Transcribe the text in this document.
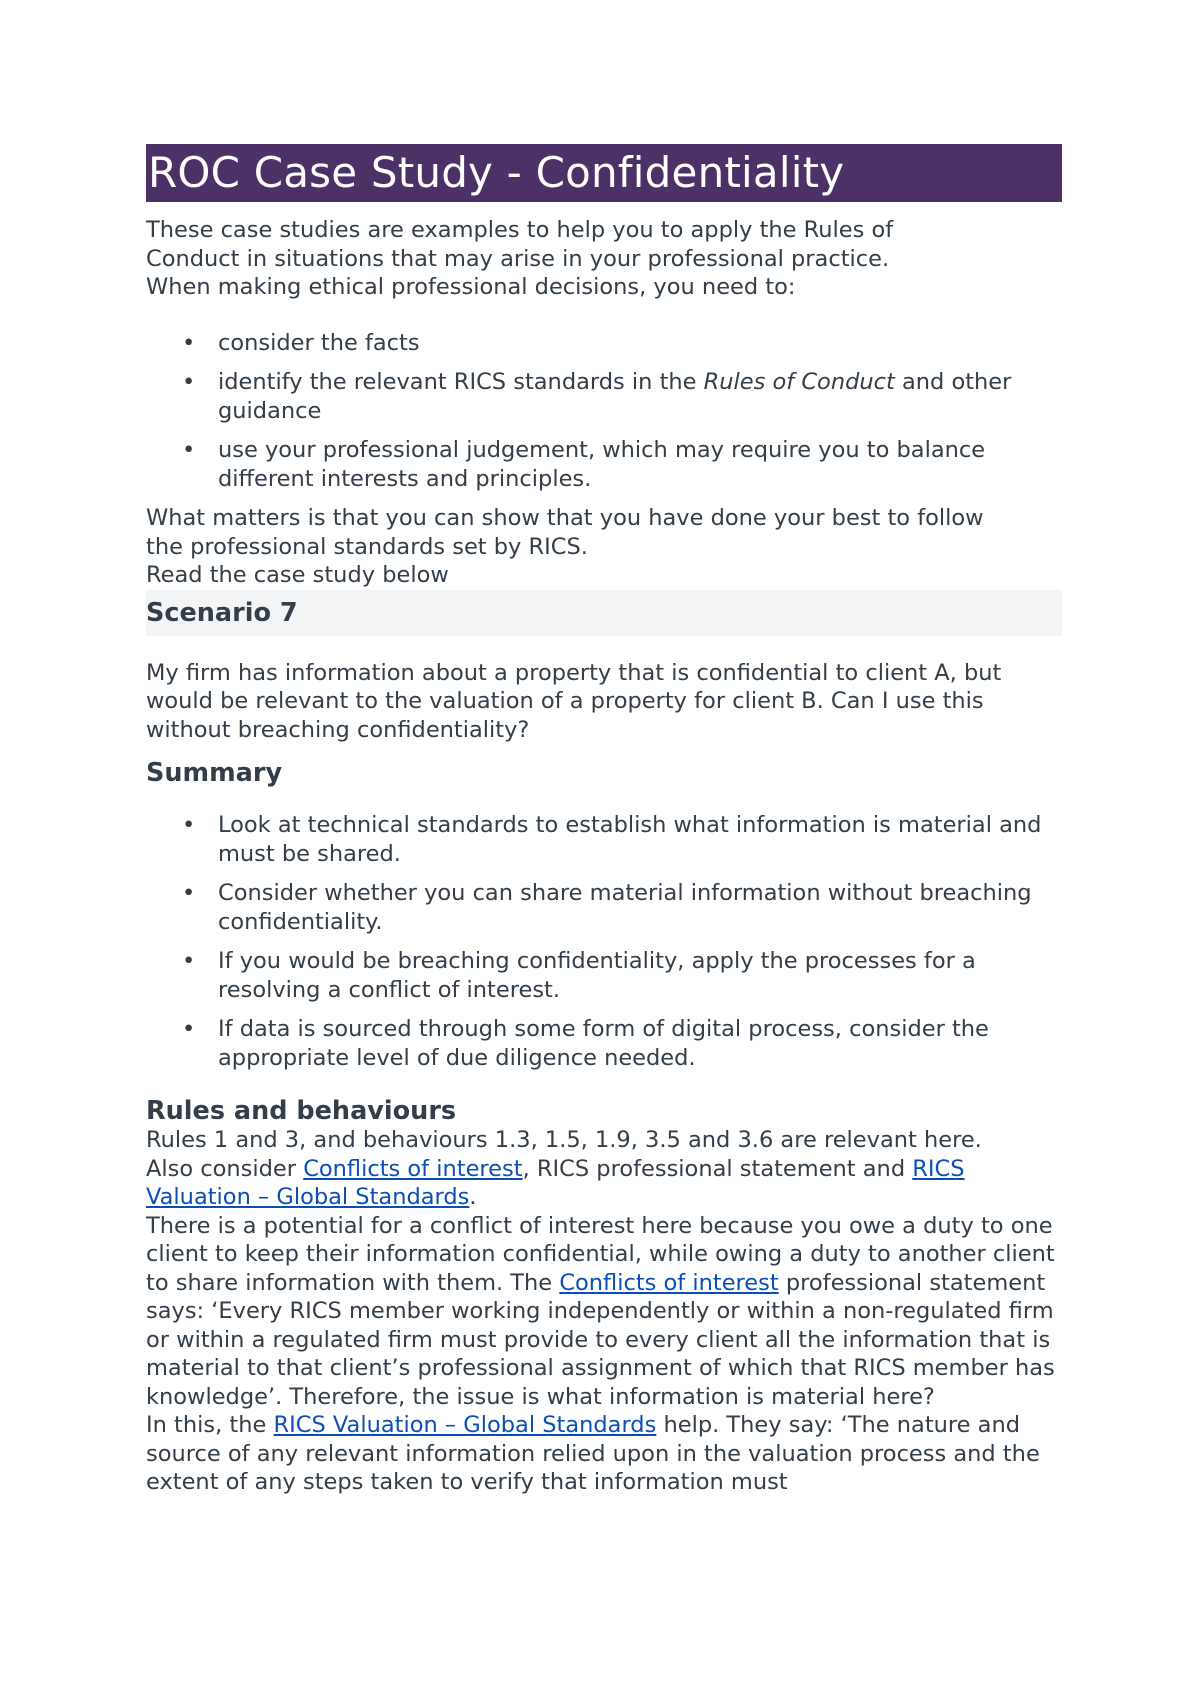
ROC Case Study - Confidentiality

These case studies are examples to help you to apply the Rules of

Conduct in situations that may arise in your professional practice.

When making ethical professional decisions, you need to:

• consider the facts
• identify the relevant RICS standards in the Rules of Conduct and other guidance
• use your professional judgement, which may require you to balance different interests and principles.

What matters is that you can show that you have done your best to follow

the professional standards set by RICS.

Read the case study below

Scenario 7

My firm has information about a property that is confidential to client A, but would be relevant to the valuation of a property for client B. Can I use this without breaching confidentiality?

Summary
• Look at technical standards to establish what information is material and must be shared.
• Consider whether you can share material information without breaching confidentiality.
• If you would be breaching confidentiality, apply the processes for a resolving a conflict of interest.
• If data is sourced through some form of digital process, consider the appropriate level of due diligence needed.
Rules and behaviours

Rules 1 and 3, and behaviours 1.3, 1.5, 1.9, 3.5 and 3.6 are relevant here.

Also consider Conflicts of interest, RICS professional statement and RICS Valuation – Global Standards.

There is a potential for a conflict of interest here because you owe a duty to one client to keep their information confidential, while owing a duty to another client to share information with them. The Conflicts of interest professional statement says: ‘Every RICS member working independently or within a non-regulated firm or within a regulated firm must provide to every client all the information that is material to that client’s professional assignment of which that RICS member has knowledge’. Therefore, the issue is what information is material here?

In this, the RICS Valuation – Global Standards help. They say: ‘The nature and source of any relevant information relied upon in the valuation process and the extent of any steps taken to verify that information must
